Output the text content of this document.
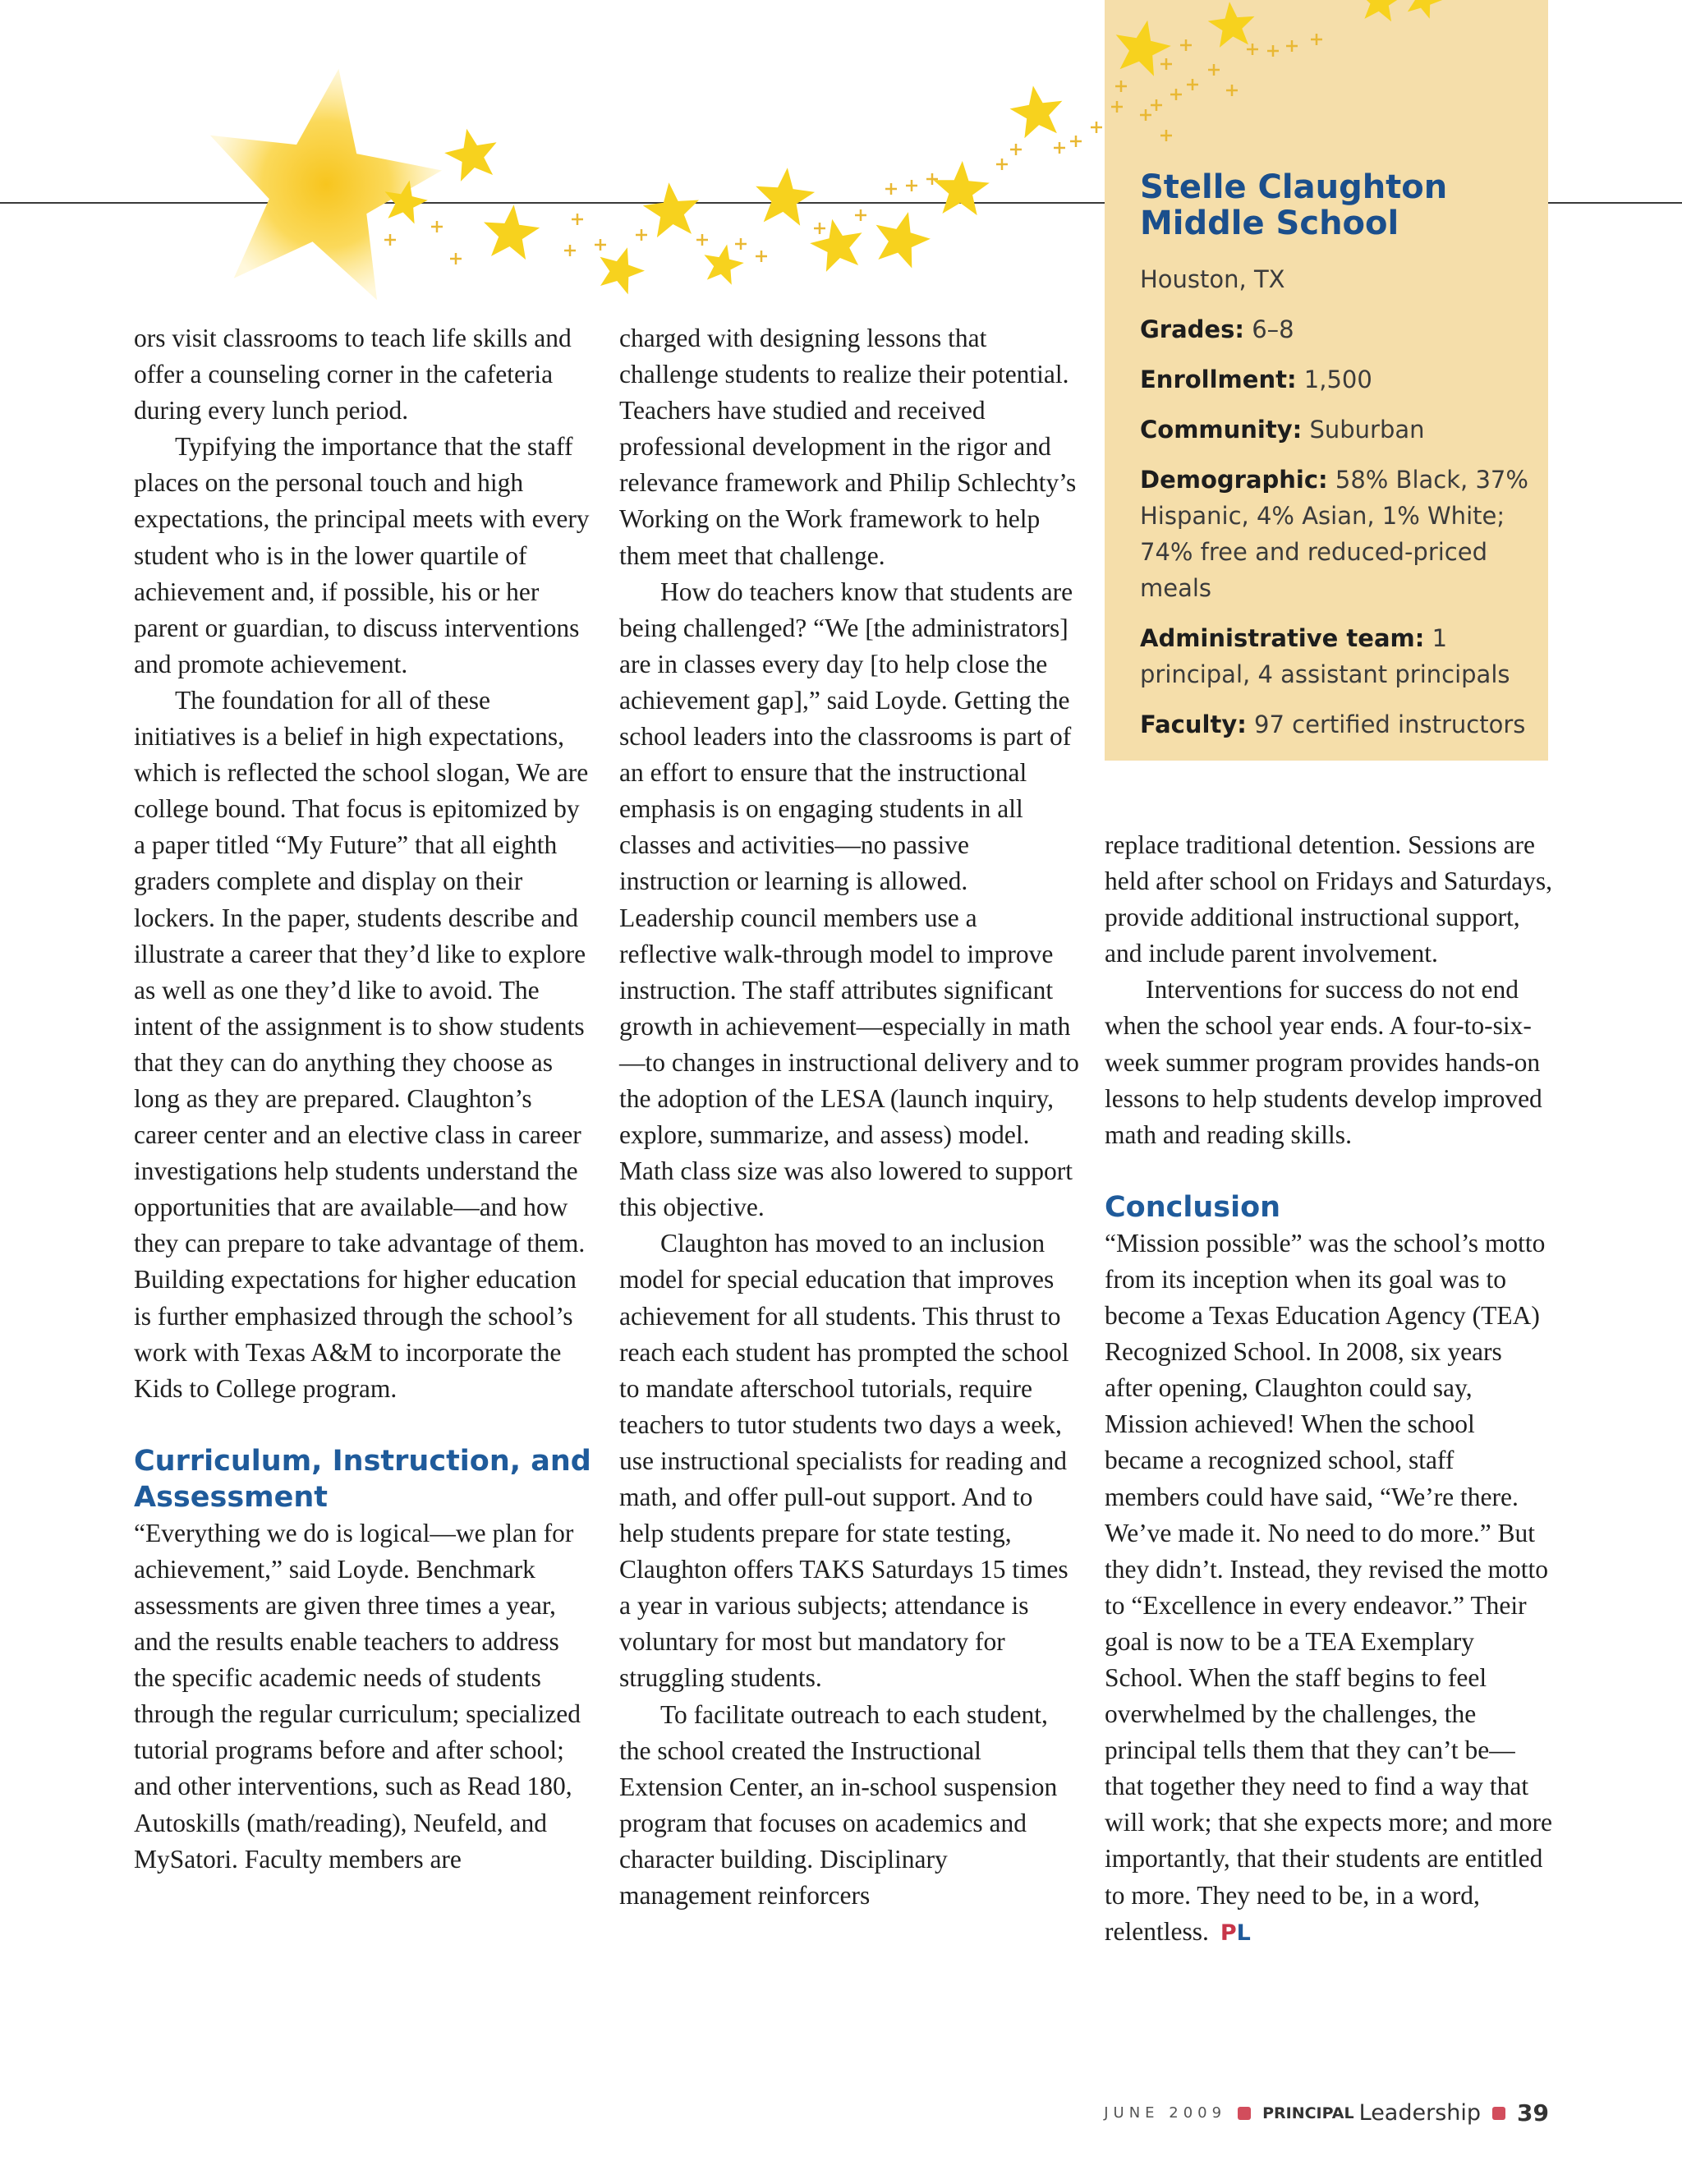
Stelle Claughton Middle School

Houston, TX

Grades: 6–8

Enrollment: 1,500

Community: Suburban

Demographic: 58% Black, 37% Hispanic, 4% Asian, 1% White; 74% free and reduced-priced meals

Administrative team: 1 principal, 4 assistant principals

Faculty: 97 certified instructors

ors visit classrooms to teach life skills and offer a counseling corner in the cafeteria during every lunch period.

Typifying the importance that the staff places on the personal touch and high expectations, the principal meets with every student who is in the lower quartile of achievement and, if possible, his or her parent or guardian, to discuss interventions and promote achievement.

The foundation for all of these initiatives is a belief in high expectations, which is reflected the school slogan, We are college bound. That focus is epitomized by a paper titled “My Future” that all eighth graders complete and display on their lockers. In the paper, students describe and illustrate a career that they’d like to explore as well as one they’d like to avoid. The intent of the assignment is to show students that they can do anything they choose as long as they are prepared. Claughton’s career center and an elective class in career investigations help students understand the opportunities that are available—and how they can prepare to take advantage of them. Building expectations for higher education is further emphasized through the school’s work with Texas A&M to incorporate the Kids to College program.

Curriculum, Instruction, and Assessment

“Everything we do is logical—we plan for achievement,” said Loyde. Benchmark assessments are given three times a year, and the results enable teachers to address the specific academic needs of students through the regular curriculum; specialized tutorial programs before and after school; and other interventions, such as Read 180, Autoskills (math/reading), Neufeld, and MySatori. Faculty members are

charged with designing lessons that challenge students to realize their potential. Teachers have studied and received professional development in the rigor and relevance framework and Philip Schlechty’s Working on the Work framework to help them meet that challenge.

How do teachers know that students are being challenged? “We [the administrators] are in classes every day [to help close the achievement gap],” said Loyde. Getting the school leaders into the classrooms is part of an effort to ensure that the instructional emphasis is on engaging students in all classes and activities—no passive instruction or learning is allowed. Leadership council members use a reflective walk-through model to improve instruction. The staff attributes significant growth in achievement—especially in math—to changes in instructional delivery and to the adoption of the LESA (launch inquiry, explore, summarize, and assess) model. Math class size was also lowered to support this objective.

Claughton has moved to an inclusion model for special education that improves achievement for all students. This thrust to reach each student has prompted the school to mandate afterschool tutorials, require teachers to tutor students two days a week, use instructional specialists for reading and math, and offer pull-out support. And to help students prepare for state testing, Claughton offers TAKS Saturdays 15 times a year in various subjects; attendance is voluntary for most but mandatory for struggling students.

To facilitate outreach to each student, the school created the Instructional Extension Center, an in-school suspension program that focuses on academics and character building. Disciplinary management reinforcers

replace traditional detention. Sessions are held after school on Fridays and Saturdays, provide additional instructional support, and include parent involvement.

Interventions for success do not end when the school year ends. A four-to-six-week summer program provides hands-on lessons to help students develop improved math and reading skills.

Conclusion

“Mission possible” was the school’s motto from its inception when its goal was to become a Texas Education Agency (TEA) Recognized School. In 2008, six years after opening, Claughton could say, Mission achieved! When the school became a recognized school, staff members could have said, “We’re there. We’ve made it. No need to do more.” But they didn’t. Instead, they revised the motto to “Excellence in every endeavor.” Their goal is now to be a TEA Exemplary School. When the staff begins to feel overwhelmed by the challenges, the principal tells them that they can’t be—that together they need to find a way that will work; that she expects more; and more importantly, that their students are entitled to more. They need to be, in a word, relentless. PL

JUNE 2009 PRINCIPAL Leadership 39
